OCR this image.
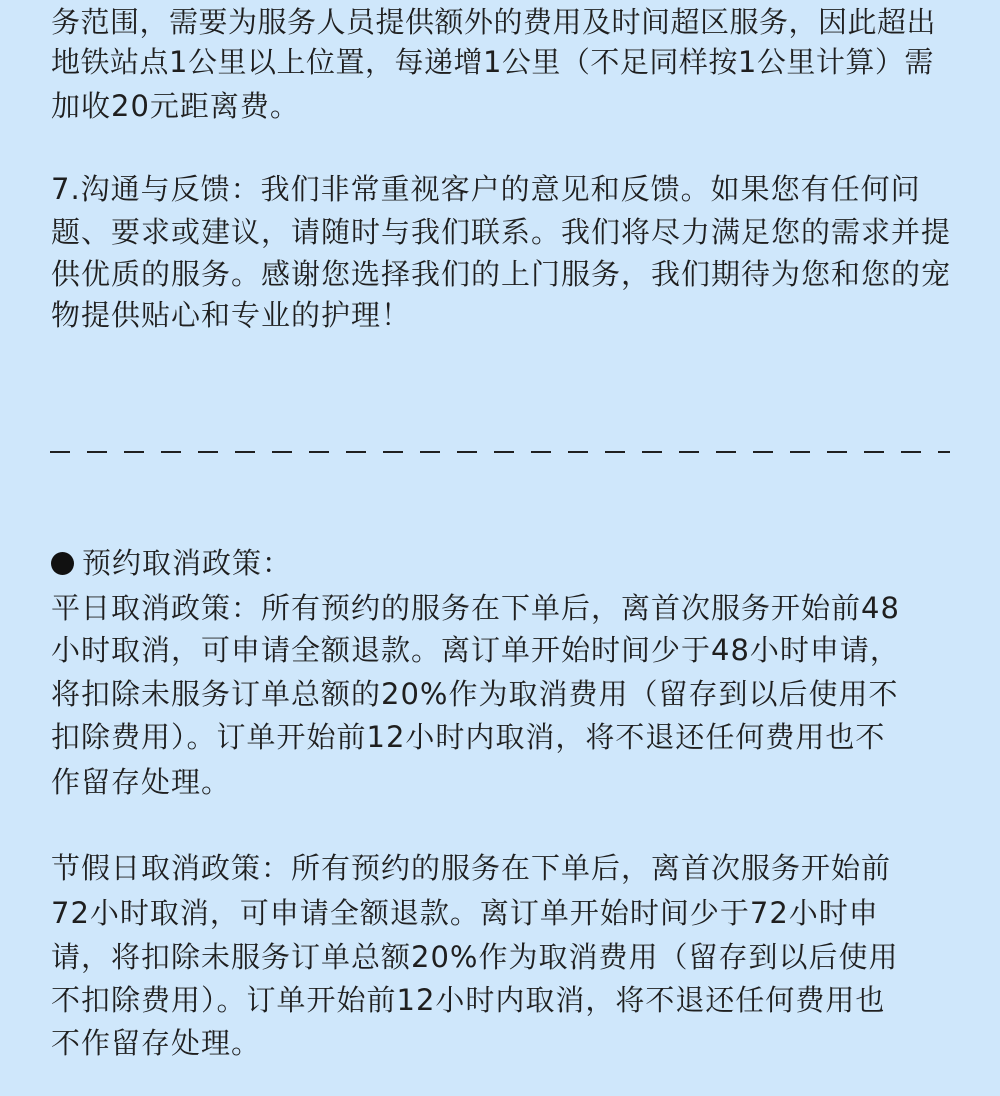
务范围，需要为服务人员提供额外的费用及时间超区服务，因此超出

地铁站点1公里以上位置，每递增1公里（不足同样按1公里计算）需

加收20元距离费。

7.沟通与反馈：我们非常重视客户的意见和反馈。如果您有任何问

题、要求或建议，请随时与我们联系。我们将尽力满足您的需求并提

供优质的服务。感谢您选择我们的上门服务，我们期待为您和您的宠

物提供贴心和专业的护理！

预约取消政策：

平日取消政策：所有预约的服务在下单后，离首次服务开始前48

小时取消，可申请全额退款。离订单开始时间少于48小时申请，

将扣除未服务订单总额的20%作为取消费用（留存到以后使用不

扣除费用）。订单开始前12小时内取消，将不退还任何费用也不

作留存处理。

节假日取消政策：所有预约的服务在下单后，离首次服务开始前

72小时取消，可申请全额退款。离订单开始时间少于72小时申

请，将扣除未服务订单总额20%作为取消费用（留存到以后使用

不扣除费用）。订单开始前12小时内取消，将不退还任何费用也

不作留存处理。
